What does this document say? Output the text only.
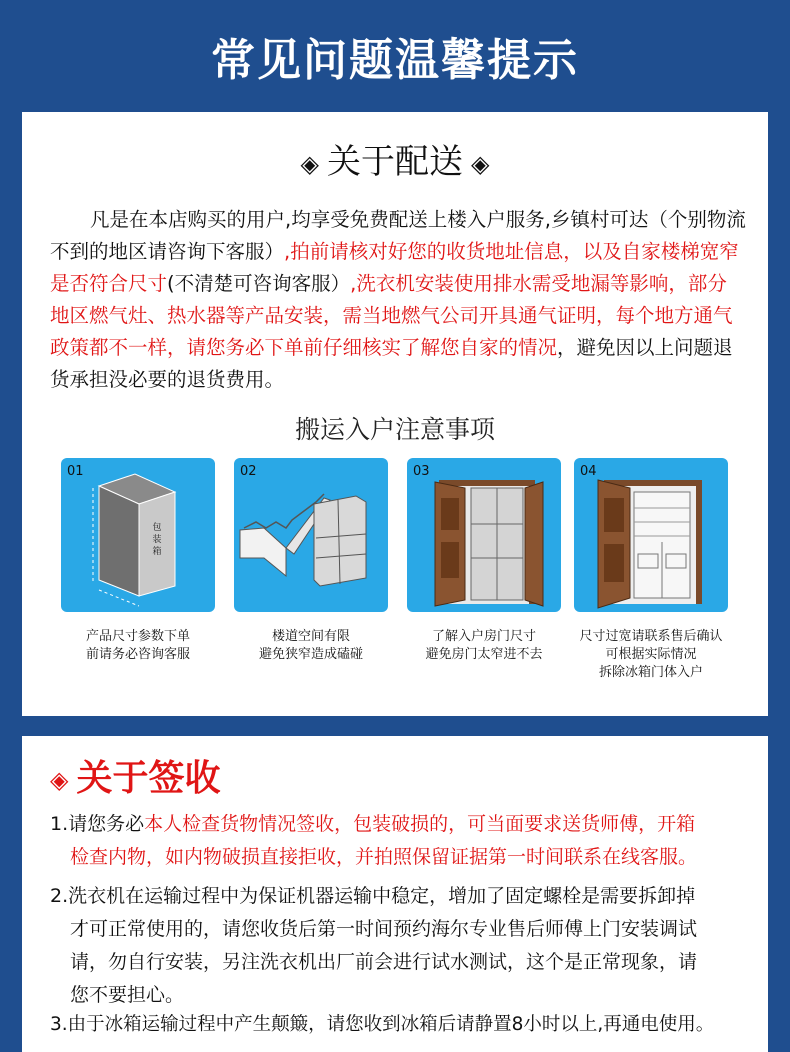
常见问题温馨提示
◈ 关于配送 ◈
凡是在本店购买的用户,均享受免费配送上楼入户服务,乡镇村可达（个别物流不到的地区请咨询下客服）,拍前请核对好您的收货地址信息，以及自家楼梯宽窄是否符合尺寸(不清楚可咨询客服）,洗衣机安装使用排水需受地漏等影响，部分地区燃气灶、热水器等产品安装，需当地燃气公司开具通气证明，每个地方通气政策都不一样，请您务必下单前仔细核实了解您自家的情况，避免因以上问题退货承担没必要的退货费用。
搬运入户注意事项
01
包
装
箱
产品尺寸参数下单
前请务必咨询客服
02
楼道空间有限
避免狭窄造成磕碰
03
了解入户房门尺寸
避免房门太窄进不去
04
尺寸过宽请联系售后确认
可根据实际情况
拆除冰箱门体入户
◈ 关于签收
1.请您务必本人检查货物情况签收，包装破损的，可当面要求送货师傅，开箱
检查内物，如内物破损直接拒收，并拍照保留证据第一时间联系在线客服。
2.洗衣机在运输过程中为保证机器运输中稳定，增加了固定螺栓是需要拆卸掉
才可正常使用的，请您收货后第一时间预约海尔专业售后师傅上门安装调试
请，勿自行安装，另注洗衣机出厂前会进行试水测试，这个是正常现象，请
您不要担心。
3.由于冰箱运输过程中产生颠簸，请您收到冰箱后请静置8小时以上,再通电使用。
